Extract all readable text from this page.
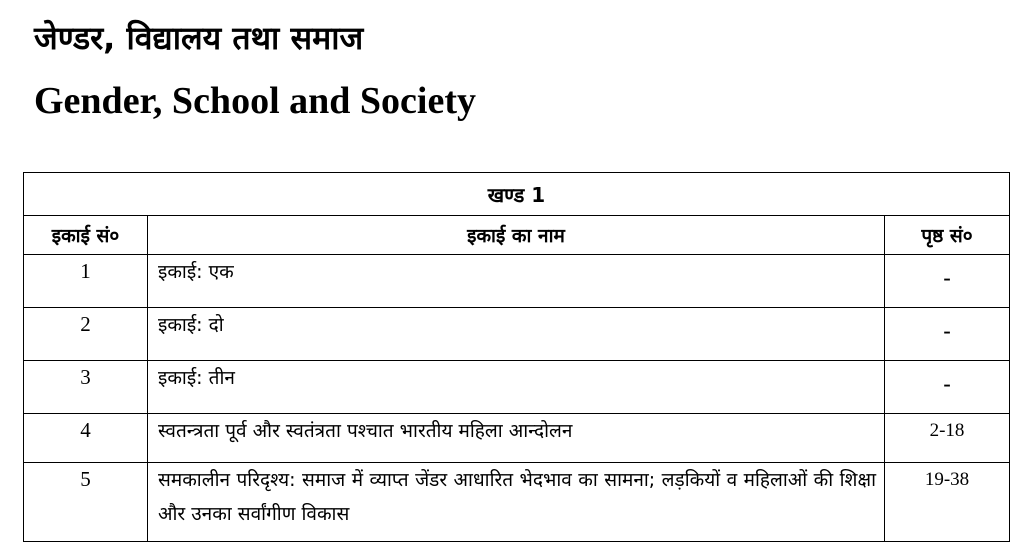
जेण्डर, विद्यालय तथा समाज
Gender, School and Society
खण्ड 1		
इकाई सं०	इकाई का नाम	पृष्ठ सं०
1	इकाई: एक	-
2	इकाई: दो	-
3	इकाई: तीन	-
4	स्वतन्त्रता पूर्व और स्वतंत्रता पश्चात भारतीय महिला आन्दोलन	2-18
5	समकालीन परिदृश्य: समाज में व्याप्त जेंडर आधारित भेदभाव का सामना; लड़कियों व महिलाओं की शिक्षा और उनका सर्वांगीण विकास	19-38
